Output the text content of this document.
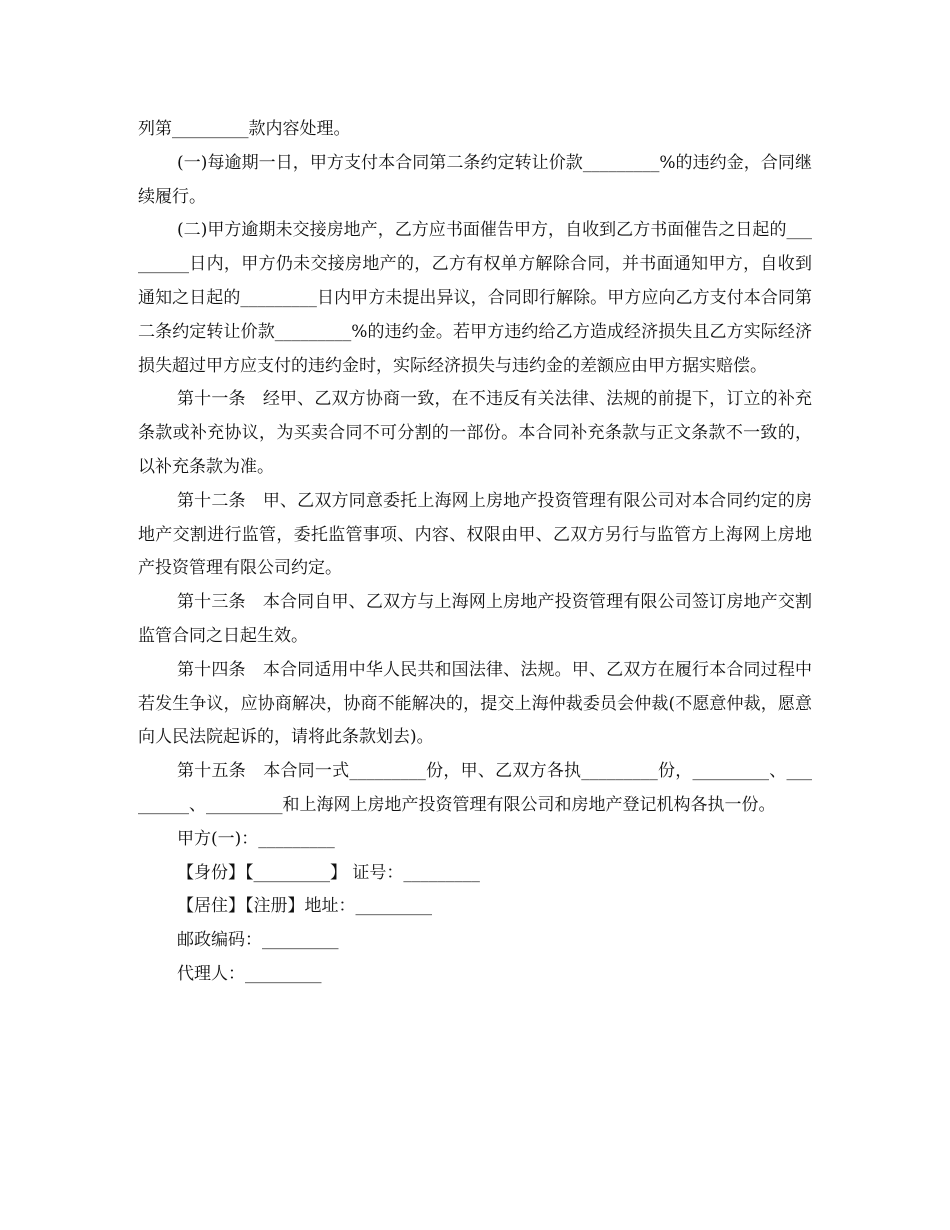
列第_________款内容处理。

(一)每逾期一日，甲方支付本合同第二条约定转让价款_________%的违约金，合同继续履行。

(二)甲方逾期未交接房地产，乙方应书面催告甲方，自收到乙方书面催告之日起的_________日内，甲方仍未交接房地产的，乙方有权单方解除合同，并书面通知甲方，自收到通知之日起的_________日内甲方未提出异议，合同即行解除。甲方应向乙方支付本合同第二条约定转让价款_________%的违约金。若甲方违约给乙方造成经济损失且乙方实际经济损失超过甲方应支付的违约金时，实际经济损失与违约金的差额应由甲方据实赔偿。

第十一条　经甲、乙双方协商一致，在不违反有关法律、法规的前提下，订立的补充条款或补充协议，为买卖合同不可分割的一部份。本合同补充条款与正文条款不一致的，以补充条款为准。

第十二条　甲、乙双方同意委托上海网上房地产投资管理有限公司对本合同约定的房地产交割进行监管，委托监管事项、内容、权限由甲、乙双方另行与监管方上海网上房地产投资管理有限公司约定。

第十三条　本合同自甲、乙双方与上海网上房地产投资管理有限公司签订房地产交割监管合同之日起生效。

第十四条　本合同适用中华人民共和国法律、法规。甲、乙双方在履行本合同过程中若发生争议，应协商解决，协商不能解决的，提交上海仲裁委员会仲裁(不愿意仲裁，愿意向人民法院起诉的，请将此条款划去)。

第十五条　本合同一式_________份，甲、乙双方各执_________份，_________、_________、_________和上海网上房地产投资管理有限公司和房地产登记机构各执一份。

甲方(一)：_________

【身份】【_________】 证号：_________

【居住】【注册】地址：_________

邮政编码：_________

代理人：_________
